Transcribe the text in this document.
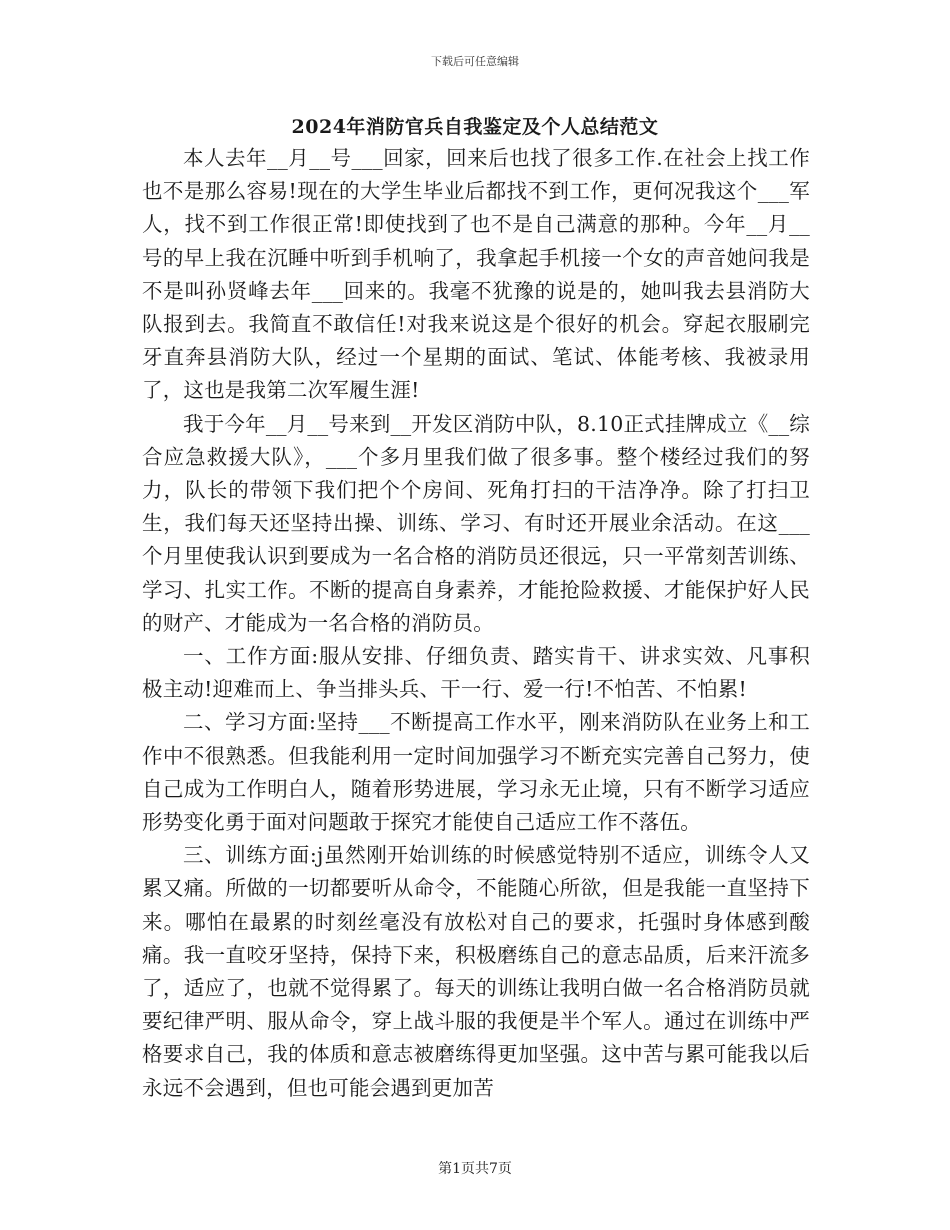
下载后可任意编辑
2024年消防官兵自我鉴定及个人总结范文

本人去年__月__号___回家，回来后也找了很多工作.在社会上找工作也不是那么容易!现在的大学生毕业后都找不到工作，更何况我这个___军人，找不到工作很正常!即使找到了也不是自己满意的那种。今年__月__号的早上我在沉睡中听到手机响了，我拿起手机接一个女的声音她问我是不是叫孙贤峰去年___回来的。我毫不犹豫的说是的，她叫我去县消防大队报到去。我简直不敢信任!对我来说这是个很好的机会。穿起衣服刷完牙直奔县消防大队，经过一个星期的面试、笔试、体能考核、我被录用了，这也是我第二次军履生涯!

我于今年__月__号来到__开发区消防中队，8.10正式挂牌成立《__综合应急救援大队》，___个多月里我们做了很多事。整个楼经过我们的努力，队长的带领下我们把个个房间、死角打扫的干洁净净。除了打扫卫生，我们每天还坚持出操、训练、学习、有时还开展业余活动。在这___个月里使我认识到要成为一名合格的消防员还很远，只一平常刻苦训练、学习、扎实工作。不断的提高自身素养，才能抢险救援、才能保护好人民的财产、才能成为一名合格的消防员。

一、工作方面:服从安排、仔细负责、踏实肯干、讲求实效、凡事积极主动!迎难而上、争当排头兵、干一行、爱一行!不怕苦、不怕累!

二、学习方面:坚持___不断提高工作水平，刚来消防队在业务上和工作中不很熟悉。但我能利用一定时间加强学习不断充实完善自己努力，使自己成为工作明白人，随着形势进展，学习永无止境，只有不断学习适应形势变化勇于面对问题敢于探究才能使自己适应工作不落伍。

三、训练方面:j虽然刚开始训练的时候感觉特别不适应，训练令人又累又痛。所做的一切都要听从命令，不能随心所欲，但是我能一直坚持下来。哪怕在最累的时刻丝毫没有放松对自己的要求，托强时身体感到酸痛。我一直咬牙坚持，保持下来，积极磨练自己的意志品质，后来汗流多了，适应了，也就不觉得累了。每天的训练让我明白做一名合格消防员就要纪律严明、服从命令，穿上战斗服的我便是半个军人。通过在训练中严格要求自己，我的体质和意志被磨练得更加坚强。这中苦与累可能我以后永远不会遇到，但也可能会遇到更加苦

第1页共7页
